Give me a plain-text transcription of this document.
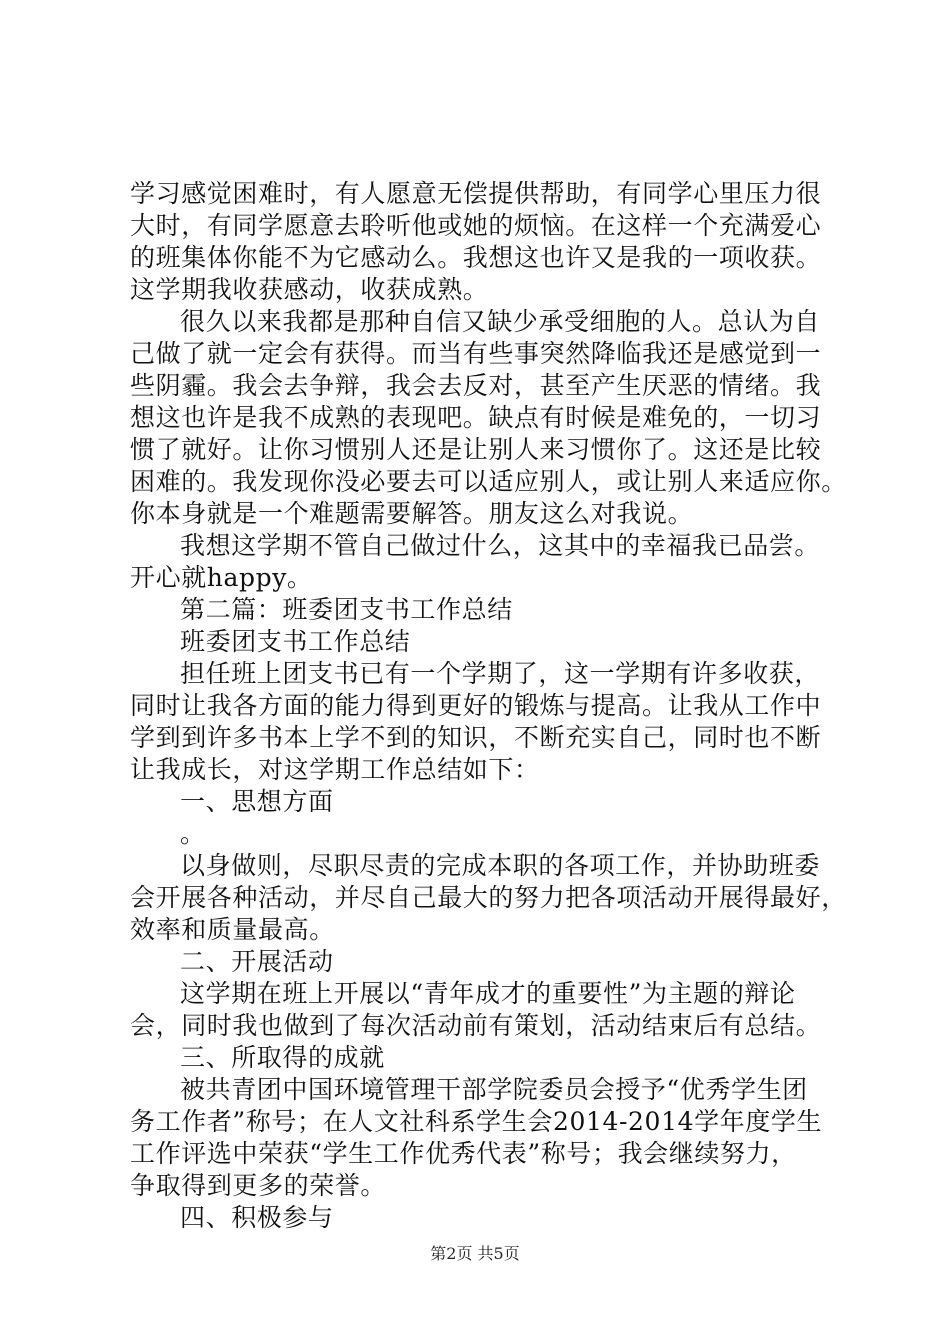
学习感觉困难时，有人愿意无偿提供帮助，有同学心里压力很
大时，有同学愿意去聆听他或她的烦恼。在这样一个充满爱心
的班集体你能不为它感动么。我想这也许又是我的一项收获。
这学期我收获感动，收获成熟。
很久以来我都是那种自信又缺少承受细胞的人。总认为自
己做了就一定会有获得。而当有些事突然降临我还是感觉到一
些阴霾。我会去争辩，我会去反对，甚至产生厌恶的情绪。我
想这也许是我不成熟的表现吧。缺点有时候是难免的，一切习
惯了就好。让你习惯别人还是让别人来习惯你了。这还是比较
困难的。我发现你没必要去可以适应别人，或让别人来适应你。
你本身就是一个难题需要解答。朋友这么对我说。
我想这学期不管自己做过什么，这其中的幸福我已品尝。
开心就happy。
第二篇：班委团支书工作总结
班委团支书工作总结
担任班上团支书已有一个学期了，这一学期有许多收获，
同时让我各方面的能力得到更好的锻炼与提高。让我从工作中
学到到许多书本上学不到的知识，不断充实自己，同时也不断
让我成长，对这学期工作总结如下：
一、思想方面
。
以身做则，尽职尽责的完成本职的各项工作，并协助班委
会开展各种活动，并尽自己最大的努力把各项活动开展得最好，
效率和质量最高。
二、开展活动
这学期在班上开展以“青年成才的重要性”为主题的辩论
会，同时我也做到了每次活动前有策划，活动结束后有总结。
三、所取得的成就
被共青团中国环境管理干部学院委员会授予“优秀学生团
务工作者”称号；在人文社科系学生会2014-2014学年度学生
工作评选中荣获“学生工作优秀代表”称号；我会继续努力，
争取得到更多的荣誉。
四、积极参与
第2页 共5页
